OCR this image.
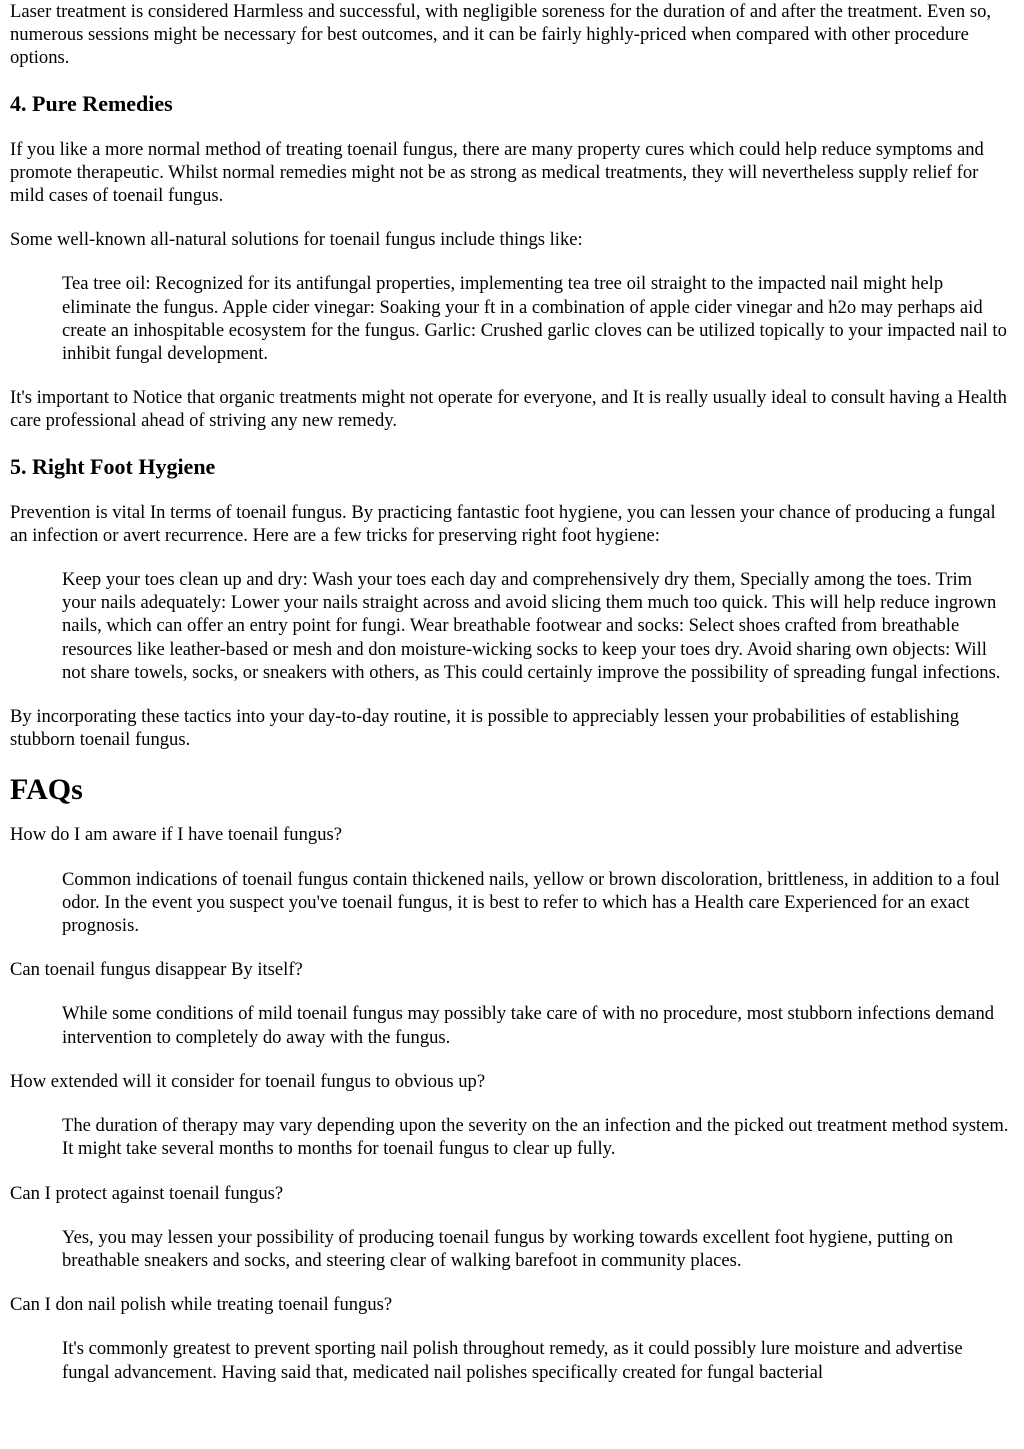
Laser treatment is considered Harmless and successful, with negligible soreness for the duration of and after the treatment. Even so, numerous sessions might be necessary for best outcomes, and it can be fairly highly-priced when compared with other procedure options.

4. Pure Remedies

If you like a more normal method of treating toenail fungus, there are many property cures which could help reduce symptoms and promote therapeutic. Whilst normal remedies might not be as strong as medical treatments, they will nevertheless supply relief for mild cases of toenail fungus.

Some well-known all-natural solutions for toenail fungus include things like:

Tea tree oil: Recognized for its antifungal properties, implementing tea tree oil straight to the impacted nail might help eliminate the fungus. Apple cider vinegar: Soaking your ft in a combination of apple cider vinegar and h2o may perhaps aid create an inhospitable ecosystem for the fungus. Garlic: Crushed garlic cloves can be utilized topically to your impacted nail to inhibit fungal development.

It's important to Notice that organic treatments might not operate for everyone, and It is really usually ideal to consult having a Health care professional ahead of striving any new remedy.

5. Right Foot Hygiene

Prevention is vital In terms of toenail fungus. By practicing fantastic foot hygiene, you can lessen your chance of producing a fungal an infection or avert recurrence. Here are a few tricks for preserving right foot hygiene:

Keep your toes clean up and dry: Wash your toes each day and comprehensively dry them, Specially among the toes. Trim your nails adequately: Lower your nails straight across and avoid slicing them much too quick. This will help reduce ingrown nails, which can offer an entry point for fungi. Wear breathable footwear and socks: Select shoes crafted from breathable resources like leather-based or mesh and don moisture-wicking socks to keep your toes dry. Avoid sharing own objects: Will not share towels, socks, or sneakers with others, as This could certainly improve the possibility of spreading fungal infections.

By incorporating these tactics into your day-to-day routine, it is possible to appreciably lessen your probabilities of establishing stubborn toenail fungus.

FAQs

How do I am aware if I have toenail fungus?

Common indications of toenail fungus contain thickened nails, yellow or brown discoloration, brittleness, in addition to a foul odor. In the event you suspect you've toenail fungus, it is best to refer to which has a Health care Experienced for an exact prognosis.

Can toenail fungus disappear By itself?

While some conditions of mild toenail fungus may possibly take care of with no procedure, most stubborn infections demand intervention to completely do away with the fungus.

How extended will it consider for toenail fungus to obvious up?

The duration of therapy may vary depending upon the severity on the an infection and the picked out treatment method system. It might take several months to months for toenail fungus to clear up fully.

Can I protect against toenail fungus?

Yes, you may lessen your possibility of producing toenail fungus by working towards excellent foot hygiene, putting on breathable sneakers and socks, and steering clear of walking barefoot in community places.

Can I don nail polish while treating toenail fungus?

It's commonly greatest to prevent sporting nail polish throughout remedy, as it could possibly lure moisture and advertise fungal advancement. Having said that, medicated nail polishes specifically created for fungal bacterial
